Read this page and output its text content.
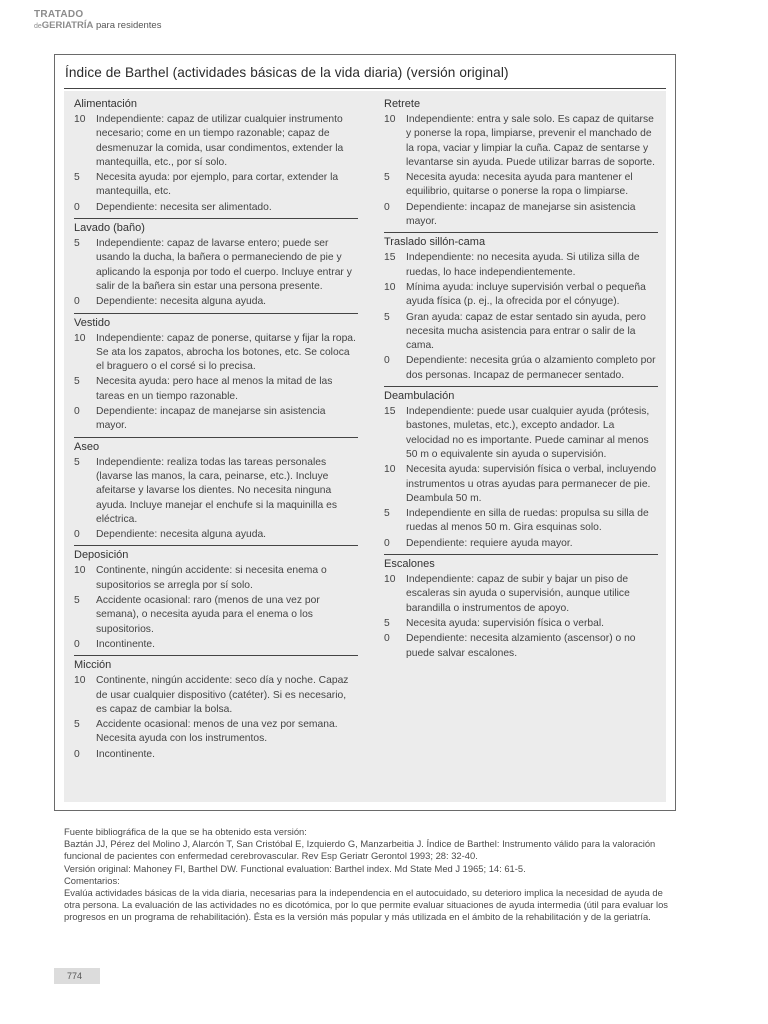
TRATADO
deGERIATRÍA para residentes
Índice de Barthel (actividades básicas de la vida diaria) (versión original)
Alimentación
10	Independiente: capaz de utilizar cualquier instrumento necesario; come en un tiempo razonable; capaz de desmenuzar la comida, usar condimentos, extender la mantequilla, etc., por sí solo.
5	Necesita ayuda: por ejemplo, para cortar, extender la mantequilla, etc.
0	Dependiente: necesita ser alimentado.
Lavado (baño)
5	Independiente: capaz de lavarse entero; puede ser usando la ducha, la bañera o permaneciendo de pie y aplicando la esponja por todo el cuerpo. Incluye entrar y salir de la bañera sin estar una persona presente.
0	Dependiente: necesita alguna ayuda.
Vestido
10	Independiente: capaz de ponerse, quitarse y fijar la ropa. Se ata los zapatos, abrocha los botones, etc. Se coloca el braguero o el corsé si lo precisa.
5	Necesita ayuda: pero hace al menos la mitad de las tareas en un tiempo razonable.
0	Dependiente: incapaz de manejarse sin asistencia mayor.
Aseo
5	Independiente: realiza todas las tareas personales (lavarse las manos, la cara, peinarse, etc.). Incluye afeitarse y lavarse los dientes. No necesita ninguna ayuda. Incluye manejar el enchufe si la maquinilla es eléctrica.
0	Dependiente: necesita alguna ayuda.
Deposición
10	Continente, ningún accidente: si necesita enema o supositorios se arregla por sí solo.
5	Accidente ocasional: raro (menos de una vez por semana), o necesita ayuda para el enema o los supositorios.
0	Incontinente.
Micción
10	Continente, ningún accidente: seco día y noche. Capaz de usar cualquier dispositivo (catéter). Si es necesario, es capaz de cambiar la bolsa.
5	Accidente ocasional: menos de una vez por semana. Necesita ayuda con los instrumentos.
0	Incontinente.
Retrete
10	Independiente: entra y sale solo. Es capaz de quitarse y ponerse la ropa, limpiarse, prevenir el manchado de la ropa, vaciar y limpiar la cuña. Capaz de sentarse y levantarse sin ayuda. Puede utilizar barras de soporte.
5	Necesita ayuda: necesita ayuda para mantener el equilibrio, quitarse o ponerse la ropa o limpiarse.
0	Dependiente: incapaz de manejarse sin asistencia mayor.
Traslado sillón-cama
15	Independiente: no necesita ayuda. Si utiliza silla de ruedas, lo hace independientemente.
10	Mínima ayuda: incluye supervisión verbal o pequeña ayuda física (p. ej., la ofrecida por el cónyuge).
5	Gran ayuda: capaz de estar sentado sin ayuda, pero necesita mucha asistencia para entrar o salir de la cama.
0	Dependiente: necesita grúa o alzamiento completo por dos personas. Incapaz de permanecer sentado.
Deambulación
15	Independiente: puede usar cualquier ayuda (prótesis, bastones, muletas, etc.), excepto andador. La velocidad no es importante. Puede caminar al menos 50 m o equivalente sin ayuda o supervisión.
10	Necesita ayuda: supervisión física o verbal, incluyendo instrumentos u otras ayudas para permanecer de pie. Deambula 50 m.
5	Independiente en silla de ruedas: propulsa su silla de ruedas al menos 50 m. Gira esquinas solo.
0	Dependiente: requiere ayuda mayor.
Escalones
10	Independiente: capaz de subir y bajar un piso de escaleras sin ayuda o supervisión, aunque utilice barandilla o instrumentos de apoyo.
5	Necesita ayuda: supervisión física o verbal.
0	Dependiente: necesita alzamiento (ascensor) o no puede salvar escalones.

Fuente bibliográfica de la que se ha obtenido esta versión:

Baztán JJ, Pérez del Molino J, Alarcón T, San Cristóbal E, Izquierdo G, Manzarbeitia J. Índice de Barthel: Instrumento válido para la valoración funcional de pacientes con enfermedad cerebrovascular. Rev Esp Geriatr Gerontol 1993; 28: 32-40.

Versión original: Mahoney FI, Barthel DW. Functional evaluation: Barthel index. Md State Med J 1965; 14: 61-5.

Comentarios:

Evalúa actividades básicas de la vida diaria, necesarias para la independencia en el autocuidado, su deterioro implica la necesidad de ayuda de otra persona. La evaluación de las actividades no es dicotómica, por lo que permite evaluar situaciones de ayuda intermedia (útil para evaluar los progresos en un programa de rehabilitación). Ésta es la versión más popular y más utilizada en el ámbito de la rehabilitación y de la geriatría.

774
